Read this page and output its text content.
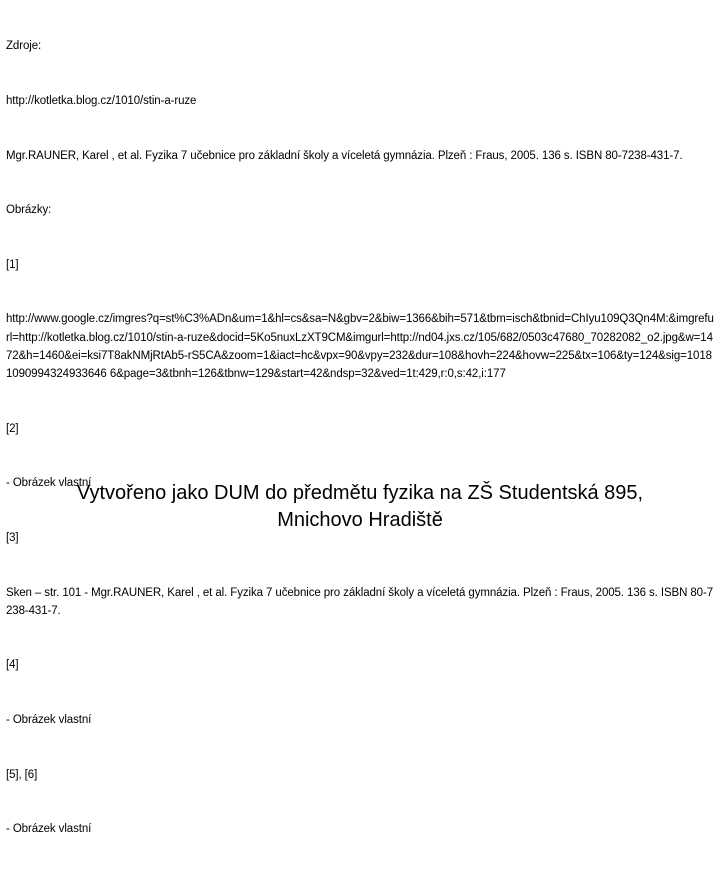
Zdroje:

http://kotletka.blog.cz/1010/stin-a-ruze

Mgr.RAUNER, Karel , et al. Fyzika 7 učebnice pro základní školy a víceletá gymnázia. Plzeň : Fraus, 2005. 136 s. ISBN 80-7238-431-7.

Obrázky:

[1]

http://www.google.cz/imgres?q=st%C3%ADn&um=1&hl=cs&sa=N&gbv=2&biw=1366&bih=571&tbm=isch&tbnid=ChIyu109Q3Qn4M:&imgrefurl=http://kotletka.blog.cz/1010/stin-a-ruze&docid=5Ko5nuxLzXT9CM&imgurl=http://nd04.jxs.cz/105/682/0503c47680_70282082_o2.jpg&w=1472&h=1460&ei=ksi7T8akNMjRtAb5-rS5CA&zoom=1&iact=hc&vpx=90&vpy=232&dur=108&hovh=224&hovw=225&tx=106&ty=124&sig=10181090994324933646 6&page=3&tbnh=126&tbnw=129&start=42&ndsp=32&ved=1t:429,r:0,s:42,i:177

[2]

- Obrázek vlastní

[3]

Sken – str. 101 - Mgr.RAUNER, Karel , et al. Fyzika 7 učebnice pro základní školy a víceletá gymnázia. Plzeň : Fraus, 2005. 136 s. ISBN 80-7238-431-7.

[4]

- Obrázek vlastní

[5], [6]

- Obrázek vlastní

Vytvořeno jako DUM do předmětu fyzika na ZŠ Studentská 895,
Mnichovo Hradiště
